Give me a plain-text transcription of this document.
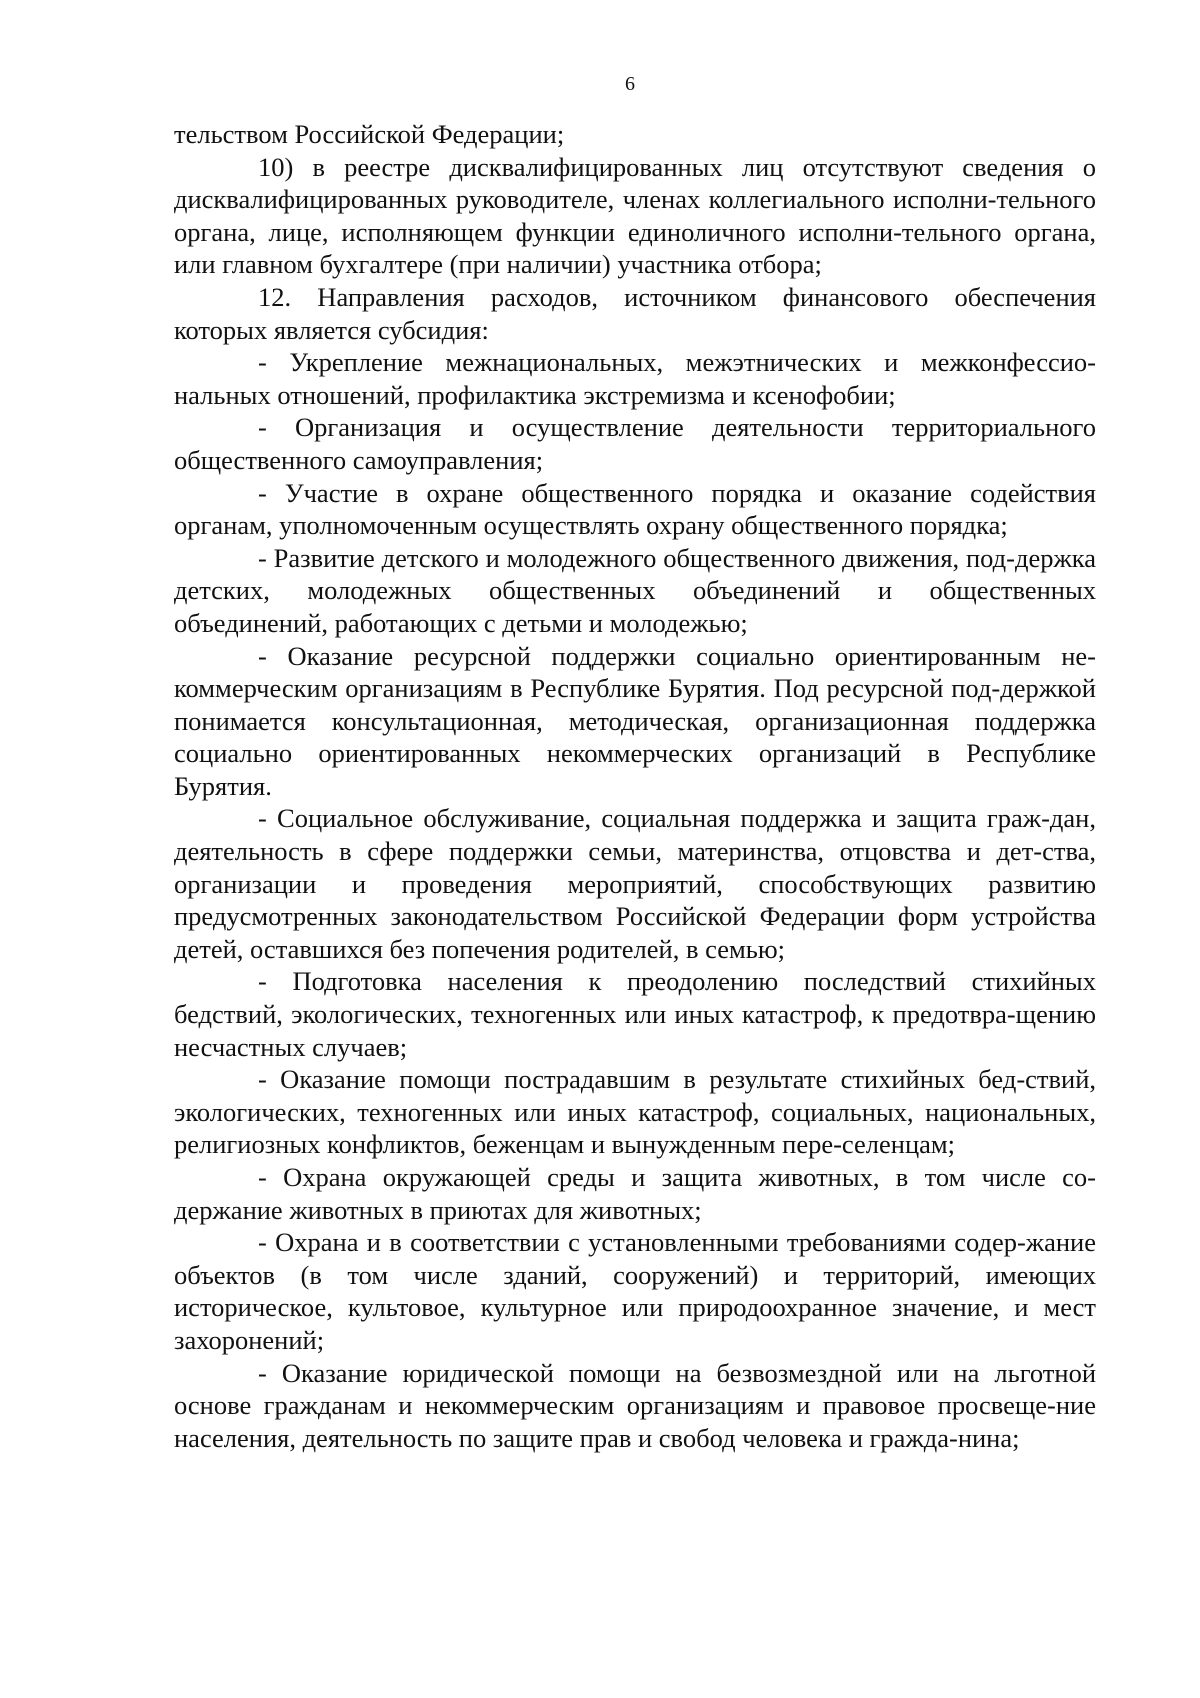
6

тельством Российской Федерации;

10) в реестре дисквалифицированных лиц отсутствуют сведения о дисквалифицированных руководителе, членах коллегиального исполни-тельного органа, лице, исполняющем функции единоличного исполни-тельного органа, или главном бухгалтере (при наличии) участника отбора;

12. Направления расходов, источником финансового обеспечения которых является субсидия:

- Укрепление межнациональных, межэтнических и межконфессио-нальных отношений, профилактика экстремизма и ксенофобии;

- Организация и осуществление деятельности территориального общественного самоуправления;

- Участие в охране общественного порядка и оказание содействия органам, уполномоченным осуществлять охрану общественного порядка;

- Развитие детского и молодежного общественного движения, под-держка детских, молодежных общественных объединений и общественных объединений, работающих с детьми и молодежью;

- Оказание ресурсной поддержки социально ориентированным не-коммерческим организациям в Республике Бурятия. Под ресурсной под-держкой понимается консультационная, методическая, организационная поддержка социально ориентированных некоммерческих организаций в Республике Бурятия.

- Социальное обслуживание, социальная поддержка и защита граж-дан, деятельность в сфере поддержки семьи, материнства, отцовства и дет-ства, организации и проведения мероприятий, способствующих развитию предусмотренных законодательством Российской Федерации форм устройства детей, оставшихся без попечения родителей, в семью;

- Подготовка населения к преодолению последствий стихийных бедствий, экологических, техногенных или иных катастроф, к предотвра-щению несчастных случаев;

- Оказание помощи пострадавшим в результате стихийных бед-ствий, экологических, техногенных или иных катастроф, социальных, национальных, религиозных конфликтов, беженцам и вынужденным пере-селенцам;

- Охрана окружающей среды и защита животных, в том числе со-держание животных в приютах для животных;

- Охрана и в соответствии с установленными требованиями содер-жание объектов (в том числе зданий, сооружений) и территорий, имеющих историческое, культовое, культурное или природоохранное значение, и мест захоронений;

- Оказание юридической помощи на безвозмездной или на льготной основе гражданам и некоммерческим организациям и правовое просвеще-ние населения, деятельность по защите прав и свобод человека и гражда-нина;
